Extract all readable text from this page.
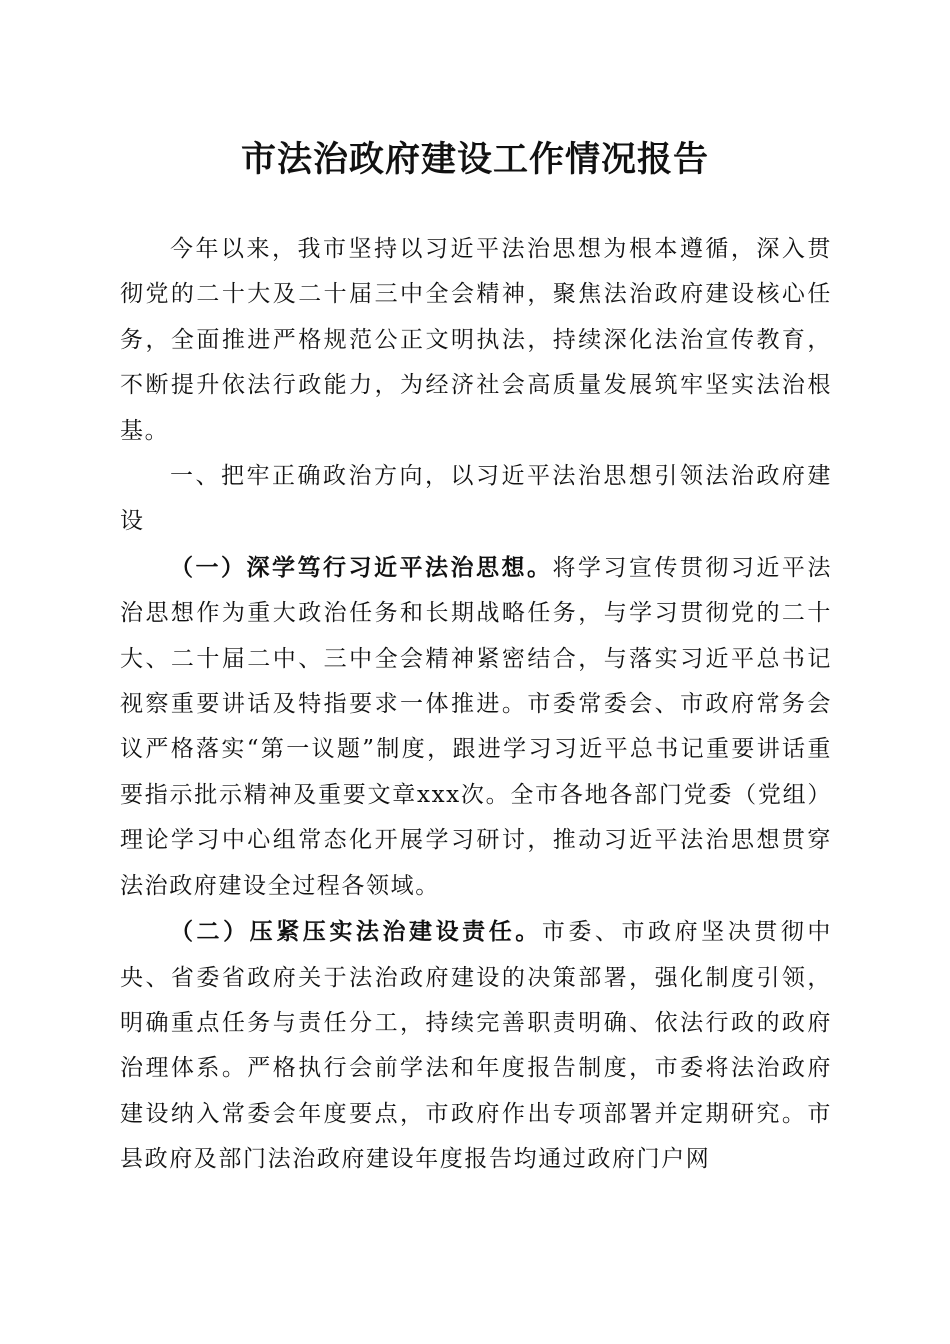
市法治政府建设工作情况报告

今年以来，我市坚持以习近平法治思想为根本遵循，深入贯彻党的二十大及二十届三中全会精神，聚焦法治政府建设核心任务，全面推进严格规范公正文明执法，持续深化法治宣传教育，不断提升依法行政能力，为经济社会高质量发展筑牢坚实法治根基。

一、把牢正确政治方向，以习近平法治思想引领法治政府建设

（一）深学笃行习近平法治思想。将学习宣传贯彻习近平法治思想作为重大政治任务和长期战略任务，与学习贯彻党的二十大、二十届二中、三中全会精神紧密结合，与落实习近平总书记视察重要讲话及特指要求一体推进。市委常委会、市政府常务会议严格落实“第一议题”制度，跟进学习习近平总书记重要讲话重要指示批示精神及重要文章xxx次。全市各地各部门党委（党组）理论学习中心组常态化开展学习研讨，推动习近平法治思想贯穿法治政府建设全过程各领域。

（二）压紧压实法治建设责任。市委、市政府坚决贯彻中央、省委省政府关于法治政府建设的决策部署，强化制度引领，明确重点任务与责任分工，持续完善职责明确、依法行政的政府治理体系。严格执行会前学法和年度报告制度，市委将法治政府建设纳入常委会年度要点，市政府作出专项部署并定期研究。市县政府及部门法治政府建设年度报告均通过政府门户网
